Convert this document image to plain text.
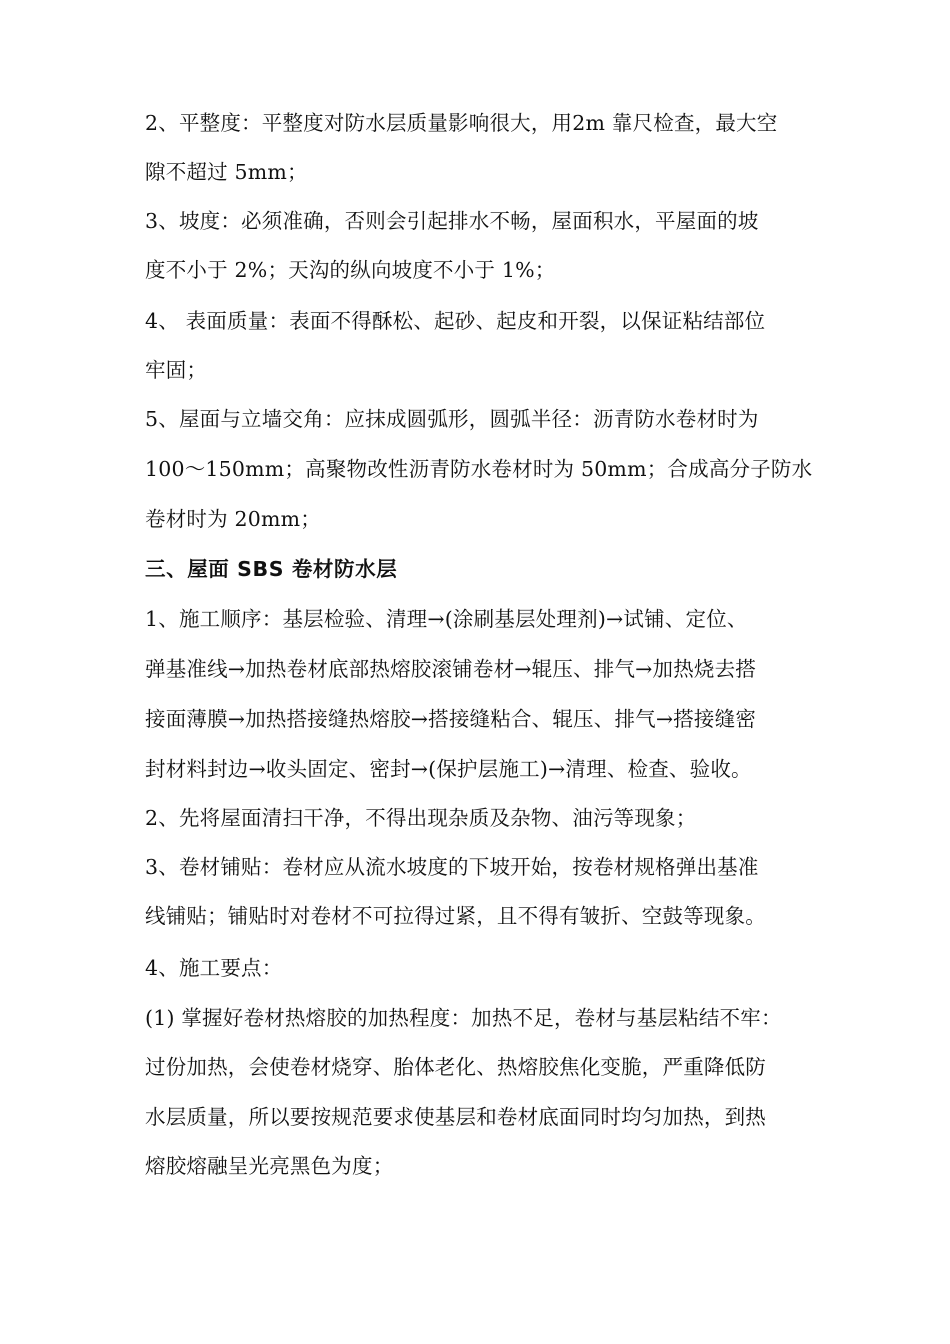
2、平整度：平整度对防水层质量影响很大，用2m 靠尺检查，最大空
隙不超过 5mm；
3、坡度：必须准确，否则会引起排水不畅，屋面积水，平屋面的坡
度不小于 2%；天沟的纵向坡度不小于 1%；
4、 表面质量：表面不得酥松、起砂、起皮和开裂，以保证粘结部位
牢固；
5、屋面与立墙交角：应抹成圆弧形，圆弧半径：沥青防水卷材时为
100～150mm；高聚物改性沥青防水卷材时为 50mm；合成高分子防水
卷材时为 20mm；
三、屋面 SBS 卷材防水层
1、施工顺序：基层检验、清理→(涂刷基层处理剂)→试铺、定位、
弹基准线→加热卷材底部热熔胶滚铺卷材→辊压、排气→加热烧去搭
接面薄膜→加热搭接缝热熔胶→搭接缝粘合、辊压、排气→搭接缝密
封材料封边→收头固定、密封→(保护层施工)→清理、检查、验收。
2、先将屋面清扫干净，不得出现杂质及杂物、油污等现象；
3、卷材铺贴：卷材应从流水坡度的下坡开始，按卷材规格弹出基准
线铺贴；铺贴时对卷材不可拉得过紧，且不得有皱折、空鼓等现象。
4、施工要点：
(1) 掌握好卷材热熔胶的加热程度：加热不足，卷材与基层粘结不牢：
过份加热，会使卷材烧穿、胎体老化、热熔胶焦化变脆，严重降低防
水层质量，所以要按规范要求使基层和卷材底面同时均匀加热，到热
熔胶熔融呈光亮黑色为度；
